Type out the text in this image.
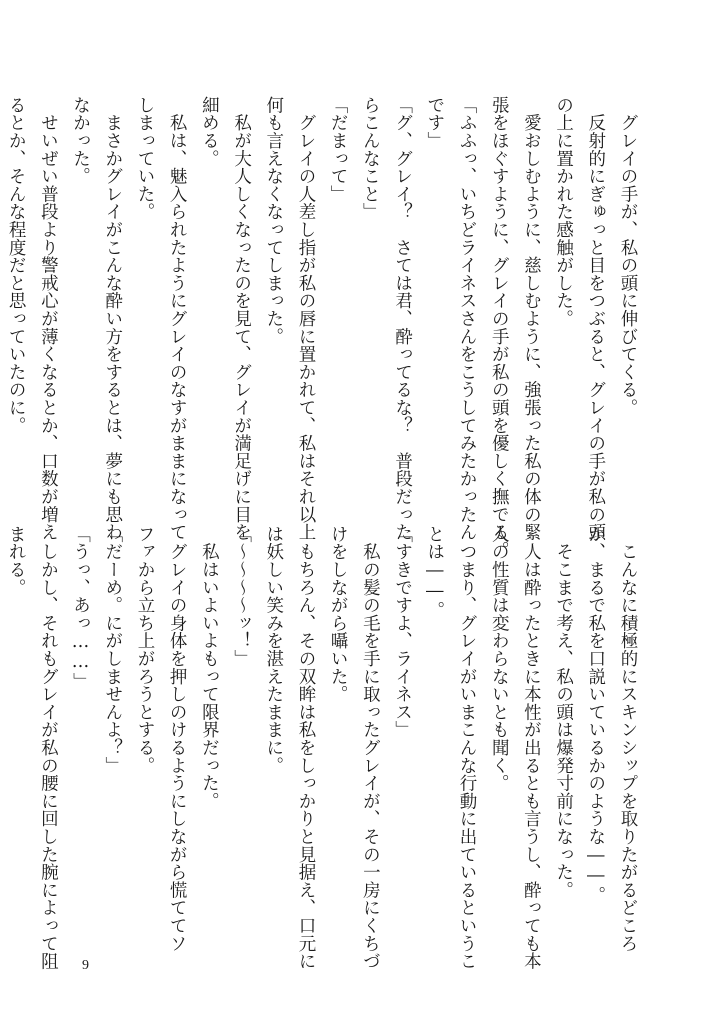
　グレイの手が、私の頭に伸びてくる。
　反射的にぎゅっと目をつぶると、グレイの手が私の頭
の上に置かれた感触がした。
　愛おしむように、慈しむように、強張った私の体の緊
張をほぐすように、グレイの手が私の頭を優しく撫でる。
「ふふっ、いちどライネスさんをこうしてみたかったん
です」
「グ、グレイ？　さては君、酔ってるな？　普段だった
らこんなこと」
「だまって」
　グレイの人差し指が私の唇に置かれて、私はそれ以上
何も言えなくなってしまった。
　私が大人しくなったのを見て、グレイが満足げに目を
細める。
　私は、魅入られたようにグレイのなすがままになって
しまっていた。
　まさかグレイがこんな酔い方をするとは、夢にも思わ
なかった。
　せいぜい普段より警戒心が薄くなるとか、口数が増え
るとか、そんな程度だと思っていたのに。
　こんなに積極的にスキンシップを取りたがるどころ
か、まるで私を口説いているかのような――。
　そこまで考え、私の頭は爆発寸前になった。
　人は酔ったときに本性が出るとも言うし、酔っても本
人の性質は変わらないとも聞く。
　つまり、グレイがいまこんな行動に出ているというこ
とは――。
「すきですよ、ライネス」
　私の髪の毛を手に取ったグレイが、その一房にくちづ
けをしながら囁いた。
　もちろん、その双眸は私をしっかりと見据え、口元に
は妖しい笑みを湛えたままに。
「～～～～ッ！」
　私はいよいよもって限界だった。
　グレイの身体を押しのけるようにしながら慌ててソ
ファから立ち上がろうとする。
「だーめ。にがしませんよ？」
「うっ、あっ……」
　しかし、それもグレイが私の腰に回した腕によって阻
まれる。
9
